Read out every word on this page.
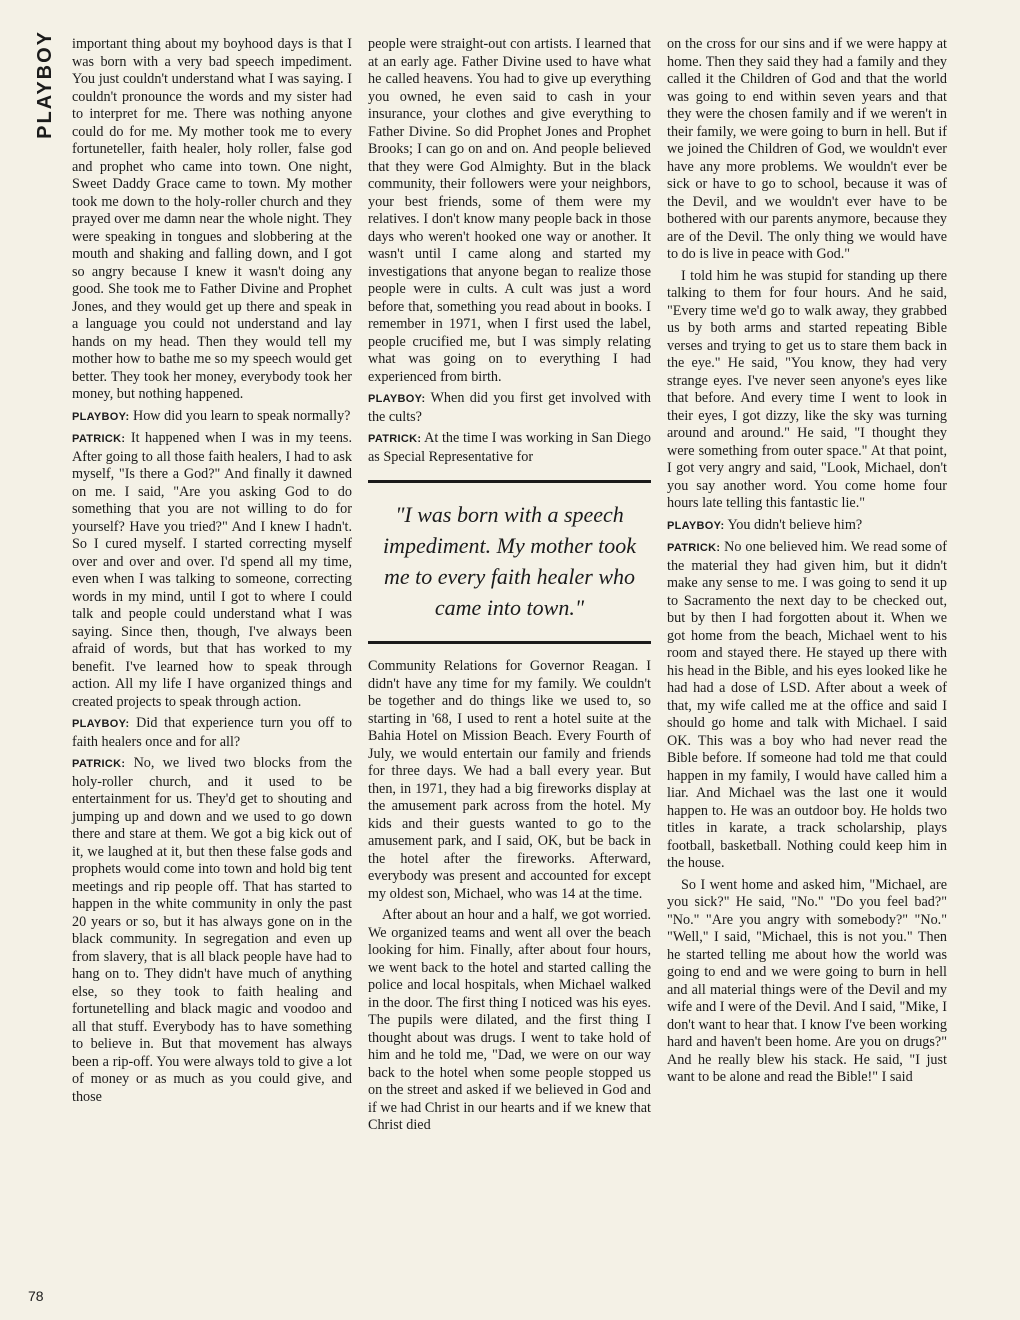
PLAYBOY
78

important thing about my boyhood days is that I was born with a very bad speech impediment. You just couldn't understand what I was saying. I couldn't pronounce the words and my sister had to interpret for me. There was nothing anyone could do for me. My mother took me to every fortuneteller, faith healer, holy roller, false god and prophet who came into town. One night, Sweet Daddy Grace came to town. My mother took me down to the holy-roller church and they prayed over me damn near the whole night. They were speaking in tongues and slobbering at the mouth and shaking and falling down, and I got so angry because I knew it wasn't doing any good. She took me to Father Divine and Prophet Jones, and they would get up there and speak in a language you could not understand and lay hands on my head. Then they would tell my mother how to bathe me so my speech would get better. They took her money, everybody took her money, but nothing happened.

PLAYBOY: How did you learn to speak normally?

PATRICK: It happened when I was in my teens. After going to all those faith healers, I had to ask myself, "Is there a God?" And finally it dawned on me. I said, "Are you asking God to do something that you are not willing to do for yourself? Have you tried?" And I knew I hadn't. So I cured myself. I started correcting myself over and over and over. I'd spend all my time, even when I was talking to someone, correcting words in my mind, until I got to where I could talk and people could understand what I was saying. Since then, though, I've always been afraid of words, but that has worked to my benefit. I've learned how to speak through action. All my life I have organized things and created projects to speak through action.

PLAYBOY: Did that experience turn you off to faith healers once and for all?

PATRICK: No, we lived two blocks from the holy-roller church, and it used to be entertainment for us. They'd get to shouting and jumping up and down and we used to go down there and stare at them. We got a big kick out of it, we laughed at it, but then these false gods and prophets would come into town and hold big tent meetings and rip people off. That has started to happen in the white community in only the past 20 years or so, but it has always gone on in the black community. In segregation and even up from slavery, that is all black people have had to hang on to. They didn't have much of anything else, so they took to faith healing and fortunetelling and black magic and voodoo and all that stuff. Everybody has to have something to believe in. But that movement has always been a rip-off. You were always told to give a lot of money or as much as you could give, and those

people were straight-out con artists. I learned that at an early age. Father Divine used to have what he called heavens. You had to give up everything you owned, he even said to cash in your insurance, your clothes and give everything to Father Divine. So did Prophet Jones and Prophet Brooks; I can go on and on. And people believed that they were God Almighty. But in the black community, their followers were your neighbors, your best friends, some of them were my relatives. I don't know many people back in those days who weren't hooked one way or another. It wasn't until I came along and started my investigations that anyone began to realize those people were in cults. A cult was just a word before that, something you read about in books. I remember in 1971, when I first used the label, people crucified me, but I was simply relating what was going on to everything I had experienced from birth.

PLAYBOY: When did you first get involved with the cults?

PATRICK: At the time I was working in San Diego as Special Representative for

"I was born with a speech impediment. My mother took me to every faith healer who came into town."

Community Relations for Governor Reagan. I didn't have any time for my family. We couldn't be together and do things like we used to, so starting in '68, I used to rent a hotel suite at the Bahia Hotel on Mission Beach. Every Fourth of July, we would entertain our family and friends for three days. We had a ball every year. But then, in 1971, they had a big fireworks display at the amusement park across from the hotel. My kids and their guests wanted to go to the amusement park, and I said, OK, but be back in the hotel after the fireworks. Afterward, everybody was present and accounted for except my oldest son, Michael, who was 14 at the time.

After about an hour and a half, we got worried. We organized teams and went all over the beach looking for him. Finally, after about four hours, we went back to the hotel and started calling the police and local hospitals, when Michael walked in the door. The first thing I noticed was his eyes. The pupils were dilated, and the first thing I thought about was drugs. I went to take hold of him and he told me, "Dad, we were on our way back to the hotel when some people stopped us on the street and asked if we believed in God and if we had Christ in our hearts and if we knew that Christ died

on the cross for our sins and if we were happy at home. Then they said they had a family and they called it the Children of God and that the world was going to end within seven years and that they were the chosen family and if we weren't in their family, we were going to burn in hell. But if we joined the Children of God, we wouldn't ever have any more problems. We wouldn't ever be sick or have to go to school, because it was of the Devil, and we wouldn't ever have to be bothered with our parents anymore, because they are of the Devil. The only thing we would have to do is live in peace with God."

I told him he was stupid for standing up there talking to them for four hours. And he said, "Every time we'd go to walk away, they grabbed us by both arms and started repeating Bible verses and trying to get us to stare them back in the eye." He said, "You know, they had very strange eyes. I've never seen anyone's eyes like that before. And every time I went to look in their eyes, I got dizzy, like the sky was turning around and around." He said, "I thought they were something from outer space." At that point, I got very angry and said, "Look, Michael, don't you say another word. You come home four hours late telling this fantastic lie."

PLAYBOY: You didn't believe him?

PATRICK: No one believed him. We read some of the material they had given him, but it didn't make any sense to me. I was going to send it up to Sacramento the next day to be checked out, but by then I had forgotten about it. When we got home from the beach, Michael went to his room and stayed there. He stayed up there with his head in the Bible, and his eyes looked like he had had a dose of LSD. After about a week of that, my wife called me at the office and said I should go home and talk with Michael. I said OK. This was a boy who had never read the Bible before. If someone had told me that could happen in my family, I would have called him a liar. And Michael was the last one it would happen to. He was an outdoor boy. He holds two titles in karate, a track scholarship, plays football, basketball. Nothing could keep him in the house.

So I went home and asked him, "Michael, are you sick?" He said, "No." "Do you feel bad?" "No." "Are you angry with somebody?" "No." "Well," I said, "Michael, this is not you." Then he started telling me about how the world was going to end and we were going to burn in hell and all material things were of the Devil and my wife and I were of the Devil. And I said, "Mike, I don't want to hear that. I know I've been working hard and haven't been home. Are you on drugs?" And he really blew his stack. He said, "I just want to be alone and read the Bible!" I said
